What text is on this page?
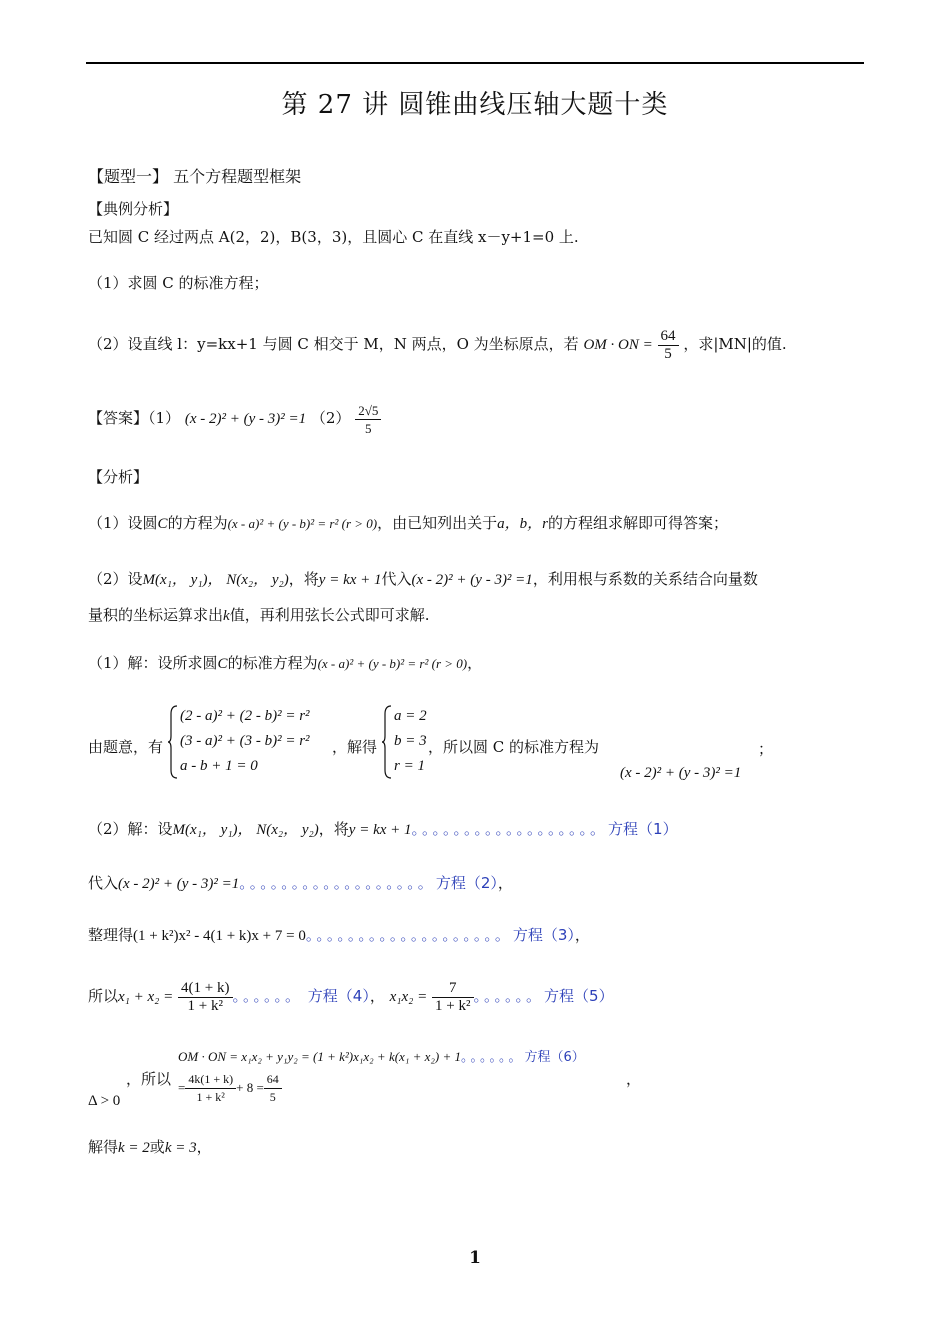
第 27 讲 圆锥曲线压轴大题十类
【题型一】 五个方程题型框架
【典例分析】
已知圆 C 经过两点 A(2，2)，B(3，3)，且圆心 C 在直线 x－y+1=0 上.
（1）求圆 C 的标准方程；
（2）设直线 l：y=kx+1 与圆 C 相交于 M，N 两点，O 为坐标原点，若 OM · ON = $\frac{64}{5}$ ，求|MN|的值.
【答案】（1） (x - 2)² + (y - 3)² =1 $(2) \frac{2√5}{5}$
【分析】
（1）设圆C的方程为(x - a)² + (y - b)² = r² (r > 0)，由已知列出关于a，b，r的方程组求解即可得答案；
（2）设M(x₁， y₁)， N(x₂， y₂)，将y = kx + 1代入(x - 2)² + (y - 3)² =1，利用根与系数的关系结合向量数
量积的坐标运算求出k值，再利用弦长公式即可求解.
（1）解：设所求圆C的标准方程为(x - a)² + (y - b)² = r² (r > 0)，
由题意，有
(2 - a)² + (2 - b)² = r²
(3 - a)² + (3 - b)² = r²
a - b + 1 = 0
，解得
a = 2
b = 3
r = 1
，所以圆 C 的标准方程为	；
(x - 2)² + (y - 3)² =1
（2）解：设M(x₁， y₁)， N(x₂， y₂)，将y = kx + 1。。。。。。。。。。。。。。。。。。方程（1）
代入(x - 2)² + (y - 3)² =1。。。。。。。。。。。。。。。。。。方程（2），
整理得(1 + k²)x² - 4(1 + k)x + 7 = 0。。。。。。。。。。。。。。。。。。。方程（3），
所以$x_1 + x_2 = \frac{4(1 + k)}{\text{1 + k²}}$ 。。。。。。 方程（4）， $x_1x_2 = \frac{7}{\text{1 + k²}}$ 。。。。。。方程（5）
OM · ON = x₁x₂ + y₁y₂ = (1 + k²)x₁x₂ + k(x₁ + x₂) + 1。。。。。。方程（6）
，所以 = $\frac{4k(1 + k)}{\text{1 + k²}} + 8 = \frac{64}{5}$	，
Δ > 0
解得k = 2或k = 3，
1
